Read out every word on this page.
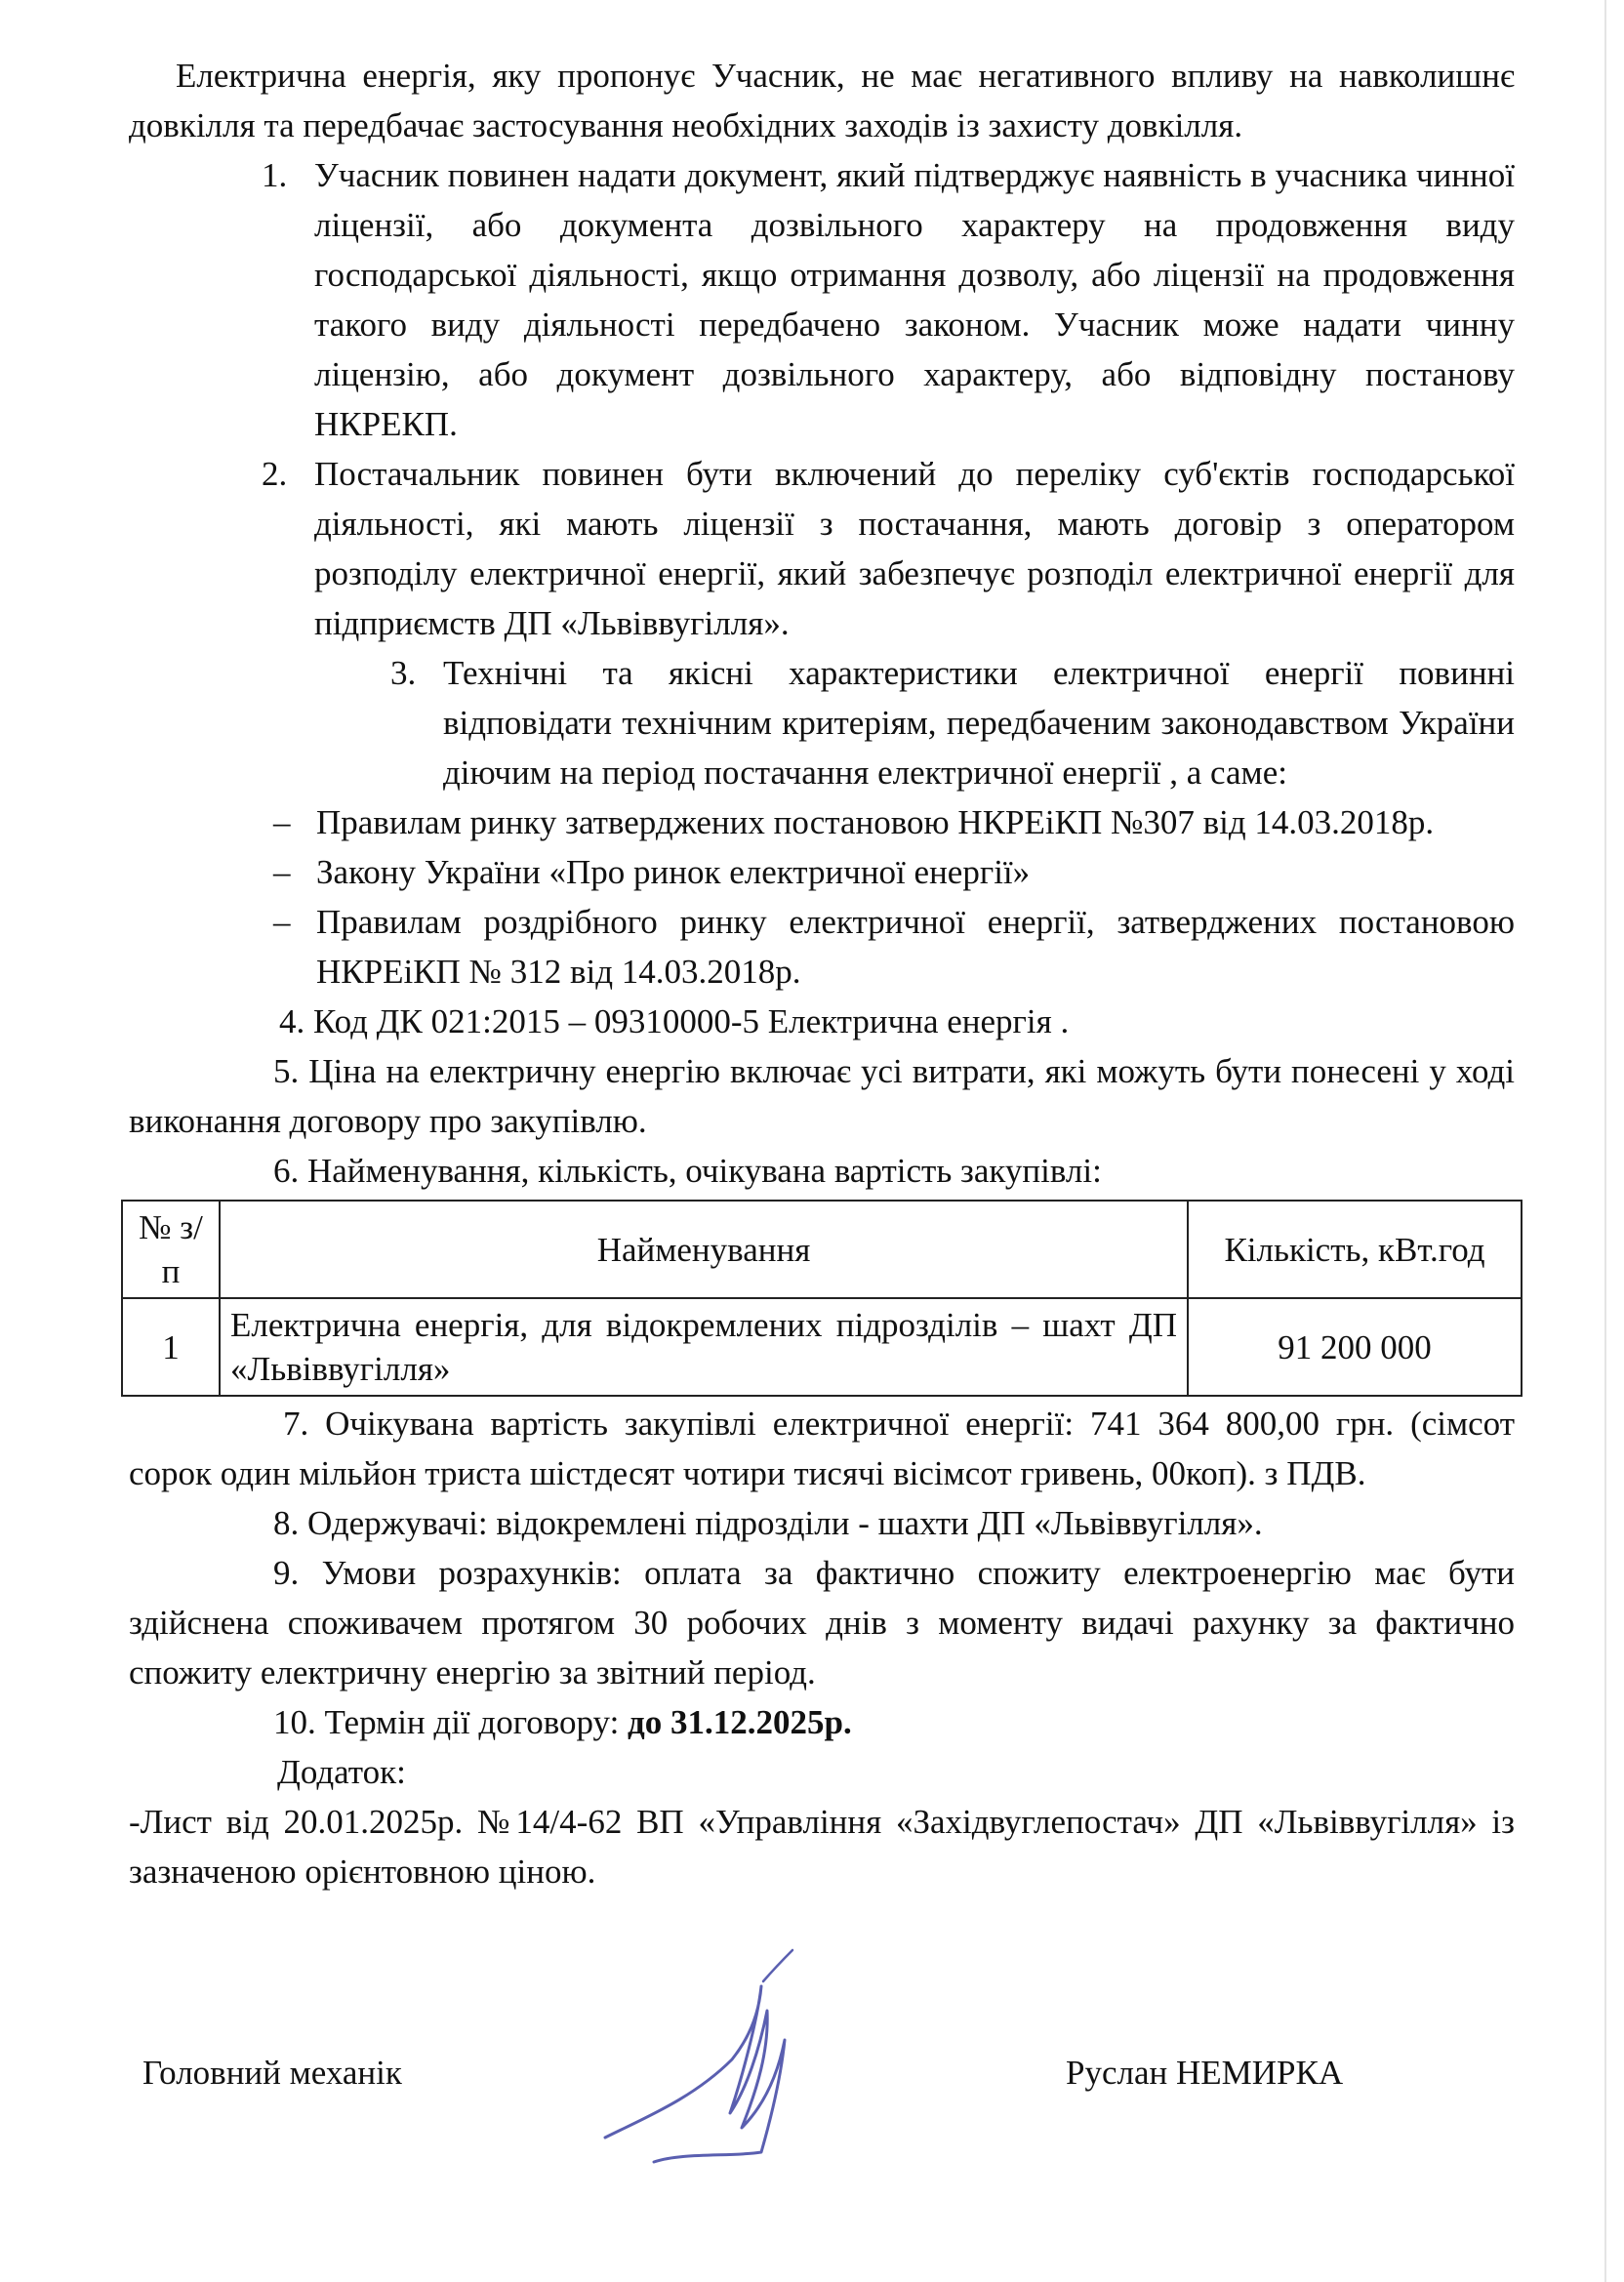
Електрична енергія, яку пропонує Учасник, не має негативного впливу на навколишнє довкілля та передбачає застосування необхідних заходів із захисту довкілля.

1. Учасник повинен надати документ, який підтверджує наявність в учасника чинної ліцензії, або документа дозвільного характеру на продовження виду господарської діяльності, якщо отримання дозволу, або ліцензії на продовження такого виду діяльності передбачено законом. Учасник може надати чинну ліцензію, або документ дозвільного характеру, або відповідну постанову НКРЕКП.
2. Постачальник повинен бути включений до переліку суб'єктів господарської діяльності, які мають ліцензії з постачання, мають договір з оператором розподілу електричної енергії, який забезпечує розподіл електричної енергії для підприємств ДП «Львіввугілля».
3. Технічні та якісні характеристики електричної енергії повинні відповідати технічним критеріям, передбаченим законодавством України діючим на період постачання електричної енергії , а саме:
– Правилам ринку затверджених постановою НКРЕіКП №307 від 14.03.2018р.
– Закону України «Про ринок електричної енергії»
– Правилам роздрібного ринку електричної енергії, затверджених постановою НКРЕіКП № 312 від 14.03.2018р.

4. Код ДК 021:2015 – 09310000-5 Електрична енергія .

5. Ціна на електричну енергію включає усі витрати, які можуть бути понесені у ході виконання договору про закупівлю.

6. Найменування, кількість, очікувана вартість закупівлі:

№ з/п	Найменування	Кількість, кВт.год
1	Електрична енергія, для відокремлених підрозділів – шахт ДП «Львіввугілля»	91 200 000

7. Очікувана вартість закупівлі електричної енергії: 741 364 800,00 грн. (сімсот сорок один мільйон триста шістдесят чотири тисячі вісімсот гривень, 00коп). з ПДВ.

8. Одержувачі: відокремлені підрозділи - шахти ДП «Львіввугілля».

9. Умови розрахунків: оплата за фактично спожиту електроенергію має бути здійснена споживачем протягом 30 робочих днів з моменту видачі рахунку за фактично спожиту електричну енергію за звітний період.

10. Термін дії договору: до 31.12.2025р.

Додаток:

-Лист від 20.01.2025р. №14/4-62 ВП «Управління «Західвуглепостач» ДП «Львіввугілля» із зазначеною орієнтовною ціною.

Головний механік	Руслан НЕМИРКА
